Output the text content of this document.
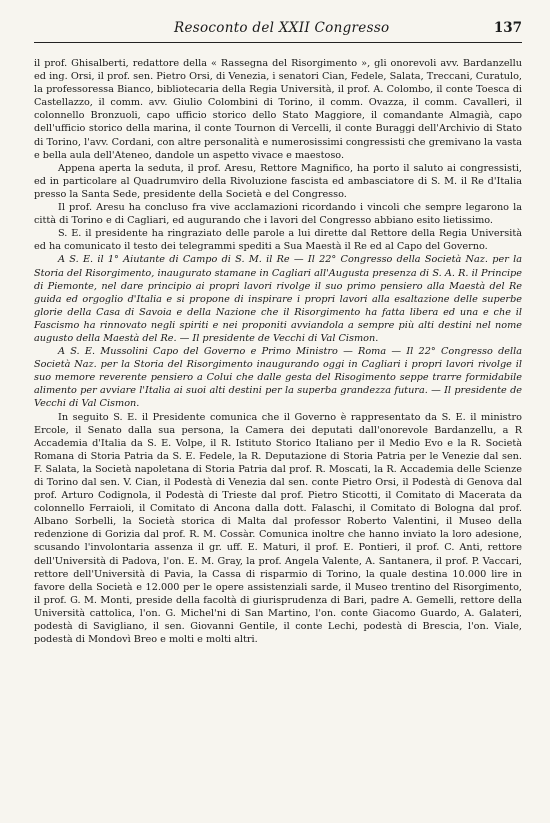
Resoconto del XXII Congresso	137

il prof. Ghisalberti, redattore della « Rassegna del Risorgimento », gli onorevoli avv. Bardanzellu ed ing. Orsi, il prof. sen. Pietro Orsi, di Venezia, i senatori Cian, Fedele, Salata, Treccani, Curatulo, la professoressa Bianco, bibliotecaria della Regia Università, il prof. A. Colombo, il conte Toesca di Castellazzo, il comm. avv. Giulio Colombini di Torino, il comm. Ovazza, il comm. Cavalleri, il colonnello Bronzuoli, capo ufficio storico dello Stato Maggiore, il comandante Almagià, capo dell'ufficio storico della marina, il conte Tournon di Vercelli, il conte Buraggi dell'Archivio di Stato di Torino, l'avv. Cordani, con altre personalità e numerosissimi congressisti che gremivano la vasta e bella aula dell'Ateneo, dandole un aspetto vivace e maestoso.

Appena aperta la seduta, il prof. Aresu, Rettore Magnifico, ha porto il saluto ai congressisti, ed in particolare al Quadrumviro della Rivoluzione fascista ed ambasciatore di S. M. il Re d'Italia presso la Santa Sede, presidente della Società e del Congresso.

Il prof. Aresu ha concluso fra vive acclamazioni ricordando i vincoli che sempre legarono la città di Torino e di Cagliari, ed augurando che i lavori del Congresso abbiano esito lietissimo.

S. E. il presidente ha ringraziato delle parole a lui dirette dal Rettore della Regia Università ed ha comunicato il testo dei telegrammi spediti a Sua Maestà il Re ed al Capo del Governo.

A S. E. il 1° Aiutante di Campo di S. M. il Re — Il 22° Congresso della Società Naz. per la Storia del Risorgimento, inaugurato stamane in Cagliari all'Augusta presenza di S. A. R. il Principe di Piemonte, nel dare principio ai propri lavori rivolge il suo primo pensiero alla Maestà del Re guida ed orgoglio d'Italia e si propone di inspirare i propri lavori alla esaltazione delle superbe glorie della Casa di Savoia e della Nazione che il Risorgimento ha fatta libera ed una e che il Fascismo ha rinnovato negli spiriti e nei proponiti avviandola a sempre più alti destini nel nome augusto della Maestà del Re. — Il presidente de Vecchi di Val Cismon.

A S. E. Mussolini Capo del Governo e Primo Ministro — Roma — Il 22° Congresso della Società Naz. per la Storia del Risorgimento inaugurando oggi in Cagliari i propri lavori rivolge il suo memore reverente pensiero a Colui che dalle gesta del Risogimento seppe trarre formidabile alimento per avviare l'Italia ai suoi alti destini per la superba grandezza futura. — Il presidente de Vecchi di Val Cismon.

In seguito S. E. il Presidente comunica che il Governo è rappresentato da S. E. il ministro Ercole, il Senato dalla sua persona, la Camera dei deputati dall'onorevole Bardanzellu, a R Accademia d'Italia da S. E. Volpe, il R. Istituto Storico Italiano per il Medio Evo e la R. Società Romana di Storia Patria da S. E. Fedele, la R. Deputazione di Storia Patria per le Venezie dal sen. F. Salata, la Società napoletana di Storia Patria dal prof. R. Moscati, la R. Accademia delle Scienze di Torino dal sen. V. Cian, il Podestà di Venezia dal sen. conte Pietro Orsi, il Podestà di Genova dal prof. Arturo Codignola, il Podestà di Trieste dal prof. Pietro Sticotti, il Comitato di Macerata da colonnello Ferraioli, il Comitato di Ancona dalla dott. Falaschi, il Comitato di Bologna dal prof. Albano Sorbelli, la Società storica di Malta dal professor Roberto Valentini, il Museo della redenzione di Gorizia dal prof. R. M. Cossàr. Comunica inoltre che hanno inviato la loro adesione, scusando l'involontaria assenza il gr. uff. E. Maturi, il prof. E. Pontieri, il prof. C. Anti, rettore dell'Università di Padova, l'on. E. M. Gray, la prof. Angela Valente, A. Santanera, il prof. P. Vaccari, rettore dell'Università di Pavia, la Cassa di risparmio di Torino, la quale destina 10.000 lire in favore della Società e 12.000 per le opere assistenziali sarde, il Museo trentino del Risorgimento, il prof. G. M. Monti, preside della facoltà di giurisprudenza di Bari, padre A. Gemelli, rettore della Università cattolica, l'on. G. Michel'ni di San Martino, l'on. conte Giacomo Guardo, A. Galateri, podestà di Savigliano, il sen. Giovanni Gentile, il conte Lechi, podestà di Brescia, l'on. Viale, podestà di Mondovì Breo e molti e molti altri.
